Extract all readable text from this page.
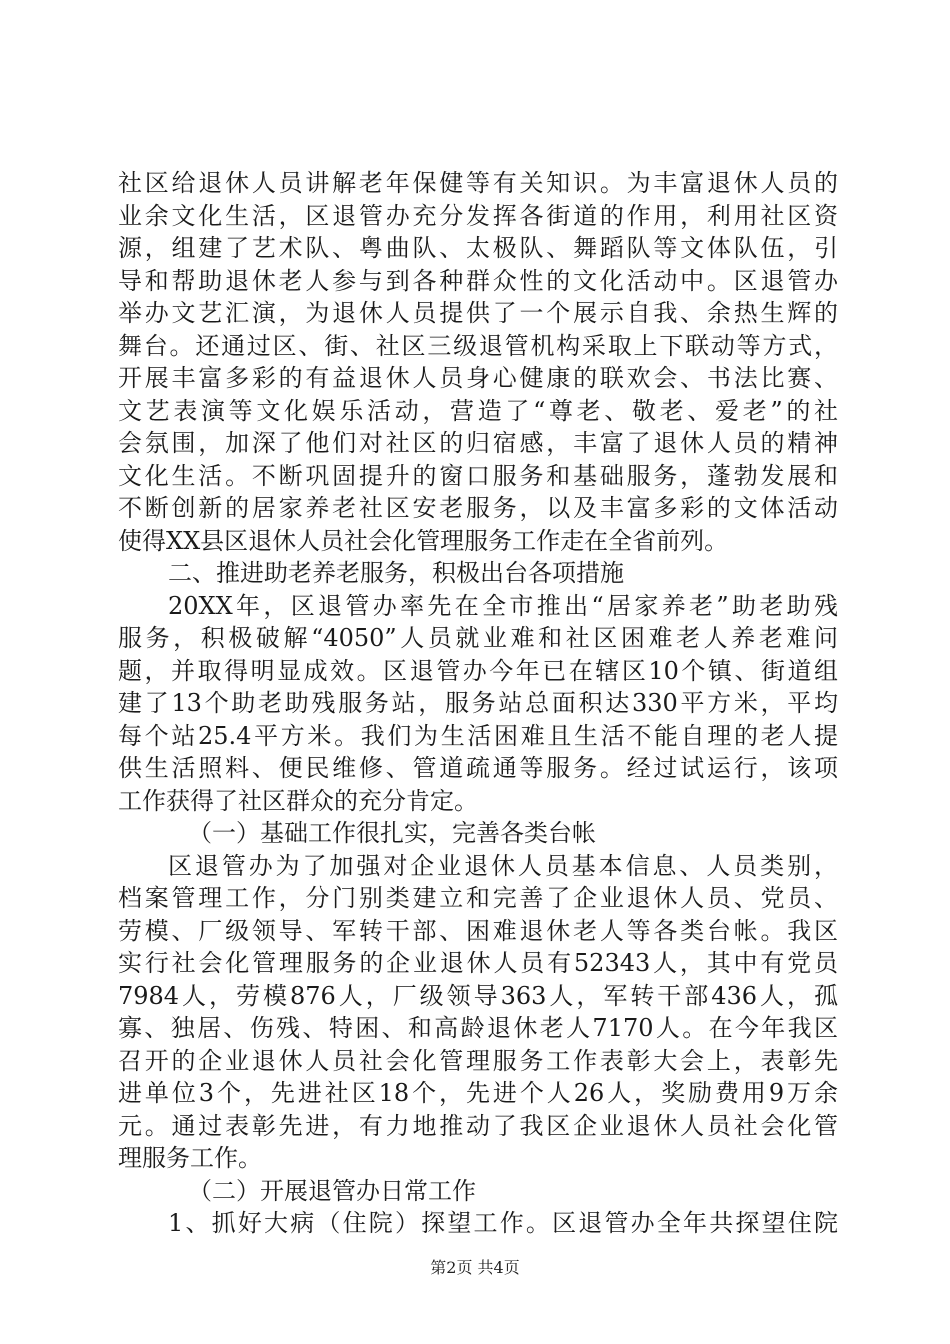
社区给退休人员讲解老年保健等有关知识。为丰富退休人员的
业余文化生活，区退管办充分发挥各街道的作用，利用社区资
源，组建了艺术队、粤曲队、太极队、舞蹈队等文体队伍，引
导和帮助退休老人参与到各种群众性的文化活动中。区退管办
举办文艺汇演，为退休人员提供了一个展示自我、余热生辉的
舞台。还通过区、街、社区三级退管机构采取上下联动等方式，
开展丰富多彩的有益退休人员身心健康的联欢会、书法比赛、
文艺表演等文化娱乐活动，营造了“尊老、敬老、爱老”的社
会氛围，加深了他们对社区的归宿感，丰富了退休人员的精神
文化生活。不断巩固提升的窗口服务和基础服务，蓬勃发展和
不断创新的居家养老社区安老服务，以及丰富多彩的文体活动
使得XX县区退休人员社会化管理服务工作走在全省前列。
二、推进助老养老服务，积极出台各项措施
20XX年，区退管办率先在全市推出“居家养老”助老助残
服务，积极破解“4050”人员就业难和社区困难老人养老难问
题，并取得明显成效。区退管办今年已在辖区10个镇、街道组
建了13个助老助残服务站，服务站总面积达330平方米，平均
每个站25.4平方米。我们为生活困难且生活不能自理的老人提
供生活照料、便民维修、管道疏通等服务。经过试运行，该项
工作获得了社区群众的充分肯定。
（一）基础工作很扎实，完善各类台帐
区退管办为了加强对企业退休人员基本信息、人员类别，
档案管理工作，分门别类建立和完善了企业退休人员、党员、
劳模、厂级领导、军转干部、困难退休老人等各类台帐。我区
实行社会化管理服务的企业退休人员有52343人，其中有党员
7984人，劳模876人，厂级领导363人，军转干部436人，孤
寡、独居、伤残、特困、和高龄退休老人7170人。在今年我区
召开的企业退休人员社会化管理服务工作表彰大会上，表彰先
进单位3个，先进社区18个，先进个人26人，奖励费用9万余
元。通过表彰先进，有力地推动了我区企业退休人员社会化管
理服务工作。
（二）开展退管办日常工作
1、抓好大病（住院）探望工作。区退管办全年共探望住院
第2页 共4页
